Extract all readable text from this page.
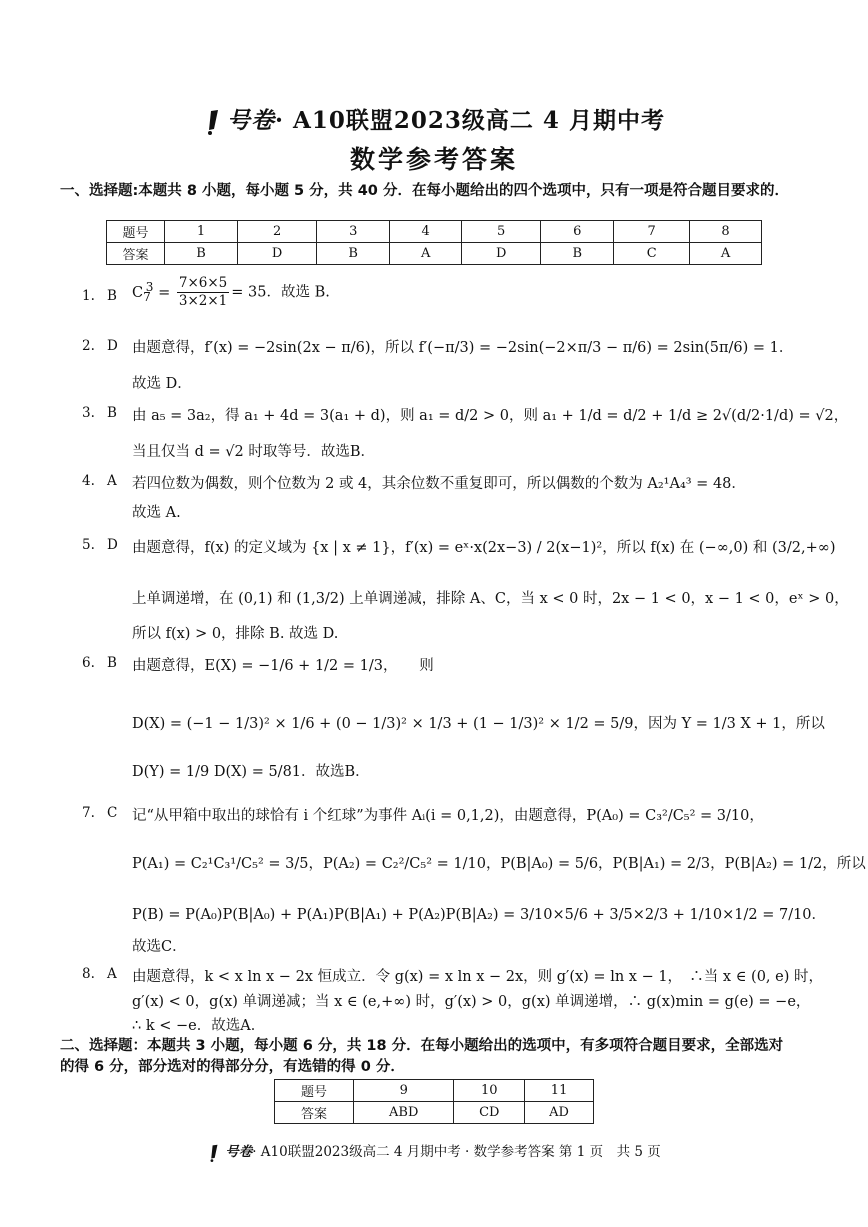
号卷· A10联盟2023级高二 4 月期中考
数学参考答案
一、选择题:本题共 8 小题，每小题 5 分，共 40 分．在每小题给出的四个选项中，只有一项是符合题目要求的．
题号	1	2	3	4	5	6	7	8
答案	B	D	B	A	D	B	C	A
1. B $C_7^3 = \frac{7\times 6\times 5}{3\times 2\times 1} = 35$．故选 B.
2. D 由题意得，f′(x) = −2sin(2x − π/6)，所以 f′(−π/3) = −2sin(−2×π/3 − π/6) = 2sin(5π/6) = 1．
故选 D．
3. B 由 a₅ = 3a₂，得 a₁ + 4d = 3(a₁ + d)，则 a₁ = d/2 > 0，则 a₁ + 1/d = d/2 + 1/d ≥ 2√(d/2·1/d) = √2，
当且仅当 d = √2 时取等号．故选B．
4. A 若四位数为偶数，则个位数为 2 或 4，其余位数不重复即可，所以偶数的个数为 A₂¹A₄³ = 48．
故选 A.
5. D 由题意得，f(x) 的定义域为 {x | x ≠ 1}，f′(x) = eˣ·x(2x−3) / 2(x−1)²，所以 f(x) 在 (−∞,0) 和 (3/2,+∞)
上单调递增，在 (0,1) 和 (1,3/2) 上单调递减，排除 A、C，当 x < 0 时，2x − 1 < 0，x − 1 < 0，eˣ > 0，
所以 f(x) > 0，排除 B. 故选 D.
6. B 由题意得，E(X) = −1/6 + 1/2 = 1/3，　　则
D(X) = (−1 − 1/3)² × 1/6 + (0 − 1/3)² × 1/3 + (1 − 1/3)² × 1/2 = 5/9，因为 Y = 1/3 X + 1，所以
D(Y) = 1/9 D(X) = 5/81．故选B．
7. C 记“从甲箱中取出的球恰有 i 个红球”为事件 Aᵢ(i = 0,1,2)，由题意得，P(A₀) = C₃²/C₅² = 3/10，
P(A₁) = C₂¹C₃¹/C₅² = 3/5，P(A₂) = C₂²/C₅² = 1/10，P(B|A₀) = 5/6，P(B|A₁) = 2/3，P(B|A₂) = 1/2，所以
P(B) = P(A₀)P(B|A₀) + P(A₁)P(B|A₁) + P(A₂)P(B|A₂) = 3/10×5/6 + 3/5×2/3 + 1/10×1/2 = 7/10．
故选C．
8. A 由题意得，k < x ln x − 2x 恒成立．令 g(x) = x ln x − 2x，则 g′(x) = ln x − 1，　∴当 x ∈ (0, e) 时，
g′(x) < 0，g(x) 单调递减；当 x ∈ (e,+∞) 时，g′(x) > 0，g(x) 单调递增，∴ g(x)min = g(e) = −e，
∴ k < −e．故选A．
二、选择题：本题共 3 小题，每小题 6 分，共 18 分．在每小题给出的选项中，有多项符合题目要求，全部选对的得 6 分，部分选对的得部分分，有选错的得 0 分．
题号	9	10	11
答案	ABD	CD	AD
号卷· A10联盟2023级高二 4 月期中考 · 数学参考答案 第 1 页　共 5 页
